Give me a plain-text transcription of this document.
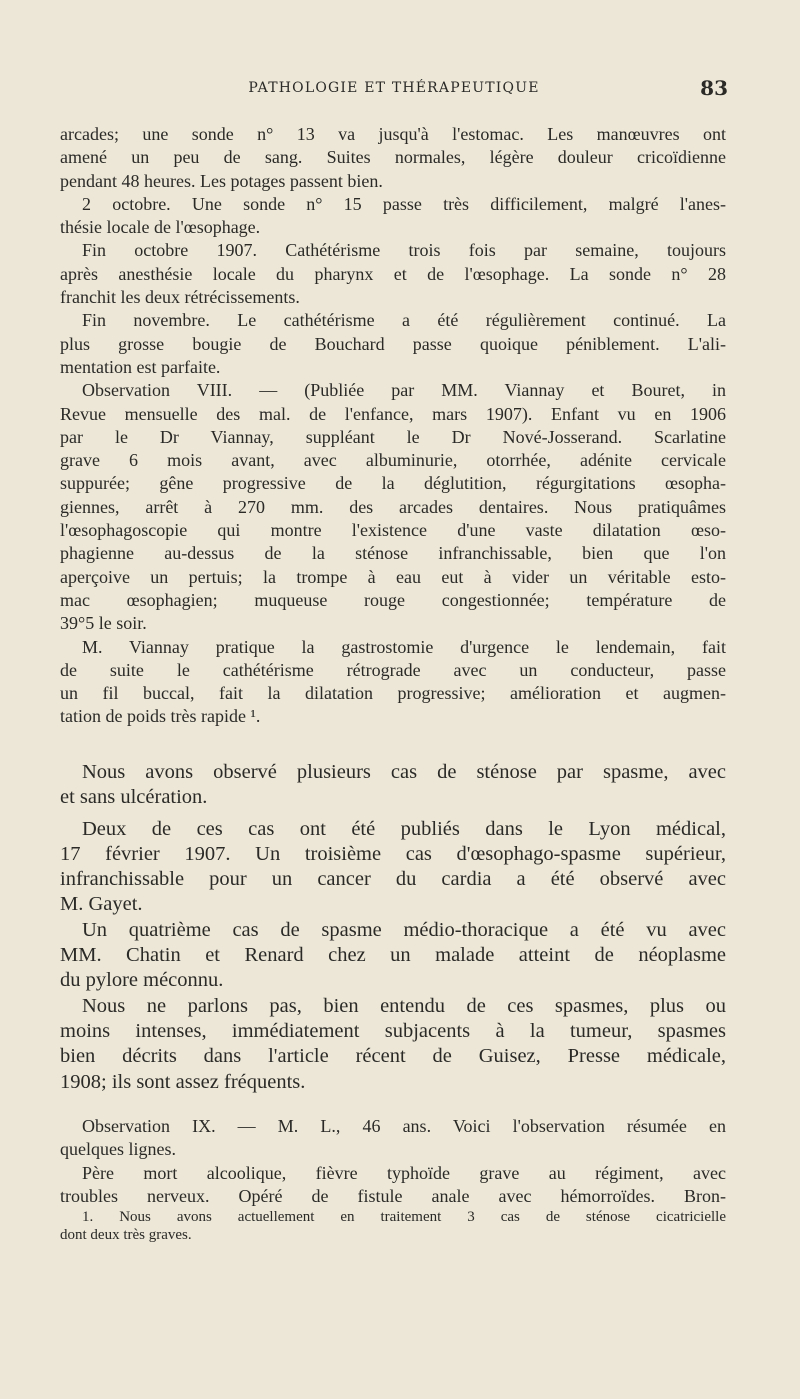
PATHOLOGIE ET THÉRAPEUTIQUE	83
arcades; une sonde n° 13 va jusqu'à l'estomac. Les manœuvres ont
amené un peu de sang. Suites normales, légère douleur cricoïdienne
pendant 48 heures. Les potages passent bien.
2 octobre. Une sonde n° 15 passe très difficilement, malgré l'anes-
thésie locale de l'œsophage.
Fin octobre 1907. Cathétérisme trois fois par semaine, toujours
après anesthésie locale du pharynx et de l'œsophage. La sonde n° 28
franchit les deux rétrécissements.
Fin novembre. Le cathétérisme a été régulièrement continué. La
plus grosse bougie de Bouchard passe quoique péniblement. L'ali-
mentation est parfaite.
Observation VIII. — (Publiée par MM. Viannay et Bouret, in
Revue mensuelle des mal. de l'enfance, mars 1907). Enfant vu en 1906
par le Dr Viannay, suppléant le Dr Nové-Josserand. Scarlatine
grave 6 mois avant, avec albuminurie, otorrhée, adénite cervicale
suppurée; gêne progressive de la déglutition, régurgitations œsopha-
giennes, arrêt à 270 mm. des arcades dentaires. Nous pratiquâmes
l'œsophagoscopie qui montre l'existence d'une vaste dilatation œso-
phagienne au-dessus de la sténose infranchissable, bien que l'on
aperçoive un pertuis; la trompe à eau eut à vider un véritable esto-
mac œsophagien; muqueuse rouge congestionnée; température de
39°5 le soir.
M. Viannay pratique la gastrostomie d'urgence le lendemain, fait
de suite le cathétérisme rétrograde avec un conducteur, passe
un fil buccal, fait la dilatation progressive; amélioration et augmen-
tation de poids très rapide ¹.
Nous avons observé plusieurs cas de sténose par spasme, avec
et sans ulcération.
Deux de ces cas ont été publiés dans le Lyon médical,
17 février 1907. Un troisième cas d'œsophago-spasme supérieur,
infranchissable pour un cancer du cardia a été observé avec
M. Gayet.
Un quatrième cas de spasme médio-thoracique a été vu avec
MM. Chatin et Renard chez un malade atteint de néoplasme
du pylore méconnu.
Nous ne parlons pas, bien entendu de ces spasmes, plus ou
moins intenses, immédiatement subjacents à la tumeur, spasmes
bien décrits dans l'article récent de Guisez, Presse médicale,
1908; ils sont assez fréquents.
Observation IX. — M. L., 46 ans. Voici l'observation résumée en
quelques lignes.
Père mort alcoolique, fièvre typhoïde grave au régiment, avec
troubles nerveux. Opéré de fistule anale avec hémorroïdes. Bron-
1. Nous avons actuellement en traitement 3 cas de sténose cicatricielle
dont deux très graves.
